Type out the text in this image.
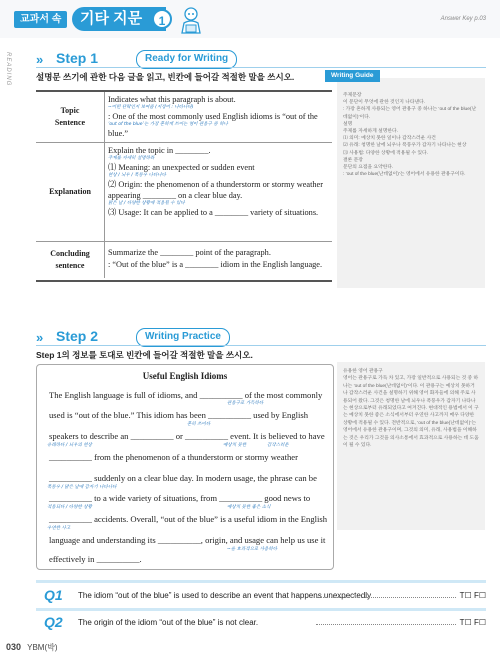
교과서 속	기타 지문	1	Answer Key p.03
READING » Step 1	Ready for Writing
설명문 쓰기에 관한 다음 글을 읽고, 빈칸에 들어갈 적절한 말을 쓰시오.
Topic
Sentence

Indicates what this paragraph is about.

~어떤 단락인지 보여줌 (지정어 : 나타나다)

: One of the most commonly used English idioms is “out of the

‘out of the blue’는 가장 흔하게 쓰이는 영어 관용구 중 하나

blue.”

Explanation

Explain the topic in ________.

주제를 자세히 설명하라

⑴ Meaning: an unexpected or sudden event

현상 / 뇌우 / 폭풍우 나타나다

⑵ Origin: the phenomenon of a thunderstorm or stormy weather

appearing ________ on a clear blue day.

맑은 날 / 다양한 상황에 적용될 수 있다

⑶ Usage: It can be applied to a ________ variety of situations.

Concluding
sentence

Summarize the ________ point of the paragraph.

: “Out of the blue” is a ________ idiom in the English language.

Writing Guide

주제문장

이 문단이 무엇에 관한 것인지 나타낸다.

: 가장 흔하게 사용되는 영어 관용구 중 하나는 ‘out of the blue(난데없이)’이다.

설명

주제를 자세하게 설명한다.

⑴ 의미: 예상치 못한 일이나 갑작스러운 사건

⑵ 유래: 청명한 날에 뇌우나 폭풍우가 갑자기 나타나는 현상

⑶ 사용법: 다양한 상황에 적용될 수 있다.

결론 문장

문단의 요점을 요약한다.

: ‘out of the blue(난데없이)’는 영어에서 유용한 관용구이다.

» Step 2	Writing Practice
Step 1의 정보를 토대로 빈칸에 들어갈 적절한 말을 쓰시오.
Useful English Idioms
The English language is full of idioms, and __________ of the most commonly
used is “out of the blue.” This idiom has been __________ used by English
speakers to describe an __________ or __________ event. It is believed to have
__________ from the phenomenon of a thunderstorm or stormy weather
__________ suddenly on a clear blue day. In modern usage, the phrase can be
__________ to a wide variety of situations, from __________ good news to
__________ accidents. Overall, “out of the blue” is a useful idiom in the English
language and understanding its __________, origin, and usage can help us use it
effectively in __________.
관용구로 가득하다
흔히 쓰이다
유래하다 / 뇌우의 현상	예상치 못한	갑작스러운
폭풍우 / 맑은 날에 갑자기 나타나다
적용되다 / 다양한 상황	예상치 못한 좋은 소식
우연한 사고
~을 효과적으로 사용하다

유용한 영어 관용구

영어는 관용구로 가득 차 있고, 가장 일반적으로 사용되는 것 중 하나는 ‘out of the blue(난데없이)’이다. 이 관용구는 예상치 못하거나 갑작스러운 사건을 설명하기 위해 영어 화자들에 의해 주로 사용되어 왔다. 그것은 청명한 날에 뇌우나 폭풍우가 갑자기 나타나는 현상으로부터 유래되었다고 여겨진다. 현대적인 용법에서 이 구는 예상치 못한 좋은 소식에서부터 우연한 사고까지 매우 다양한 상황에 적용될 수 있다. 전반적으로, ‘out of the blue(난데없이)’는 영어에서 유용한 관용구이며, 그것의 의미, 유래, 사용법을 이해하는 것은 우리가 그것을 의사소통에서 효과적으로 사용하는 데 도움이 될 수 있다.

Q1 The idiom “out of the blue” is used to describe an event that happens unexpectedly.	T☐ F☐
Q2 The origin of the idiom “out of the blue” is not clear.	T☐ F☐
030 YBM(박)
